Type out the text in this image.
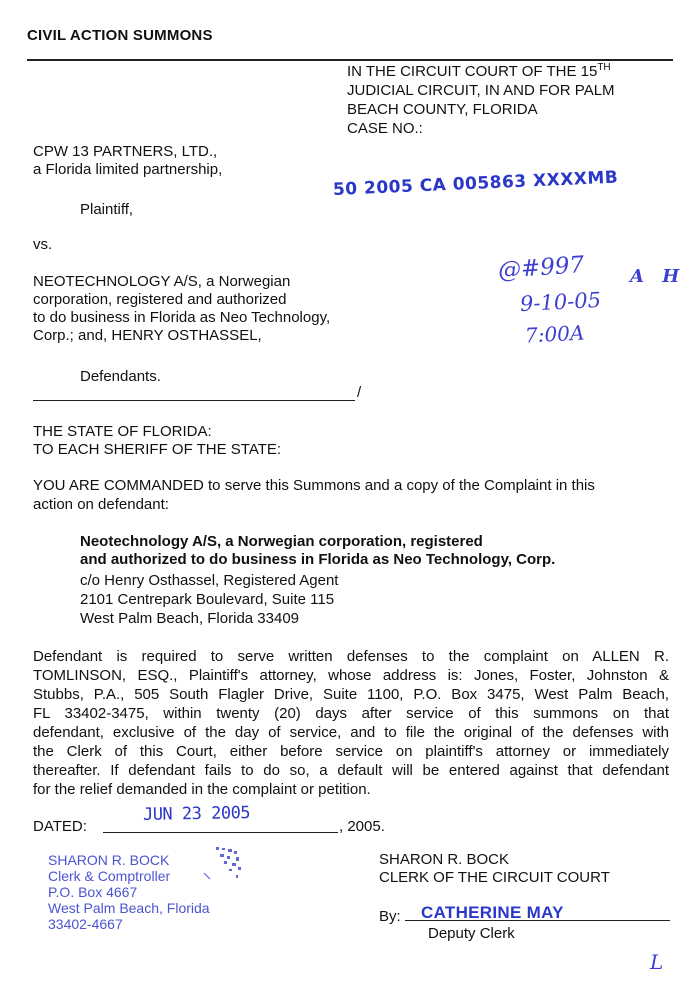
CIVIL ACTION SUMMONS
IN THE CIRCUIT COURT OF THE 15TH
JUDICIAL CIRCUIT, IN AND FOR PALM
BEACH COUNTY, FLORIDA
CASE NO.:
CPW 13 PARTNERS, LTD.,
a Florida limited partnership,
Plaintiff,
50 2005 CA 005863 XXXXMB
vs.
NEOTECHNOLOGY A/S, a Norwegian
corporation, registered and authorized
to do business in Florida as Neo Technology,
Corp.; and, HENRY OSTHASSEL,
Defendants.
/
@#997
9-10-05
7:00A
A H
THE STATE OF FLORIDA:
TO EACH SHERIFF OF THE STATE:
YOU ARE COMMANDED to serve this Summons and a copy of the Complaint in this
action on defendant:
Neotechnology A/S, a Norwegian corporation, registered
and authorized to do business in Florida as Neo Technology, Corp.
c/o Henry Osthassel, Registered Agent
2101 Centrepark Boulevard, Suite 115
West Palm Beach, Florida 33409
Defendant is required to serve written defenses to the complaint on ALLEN R.
TOMLINSON, ESQ., Plaintiff's attorney, whose address is: Jones, Foster, Johnston &
Stubbs, P.A., 505 South Flagler Drive, Suite 1100, P.O. Box 3475, West Palm Beach,
FL 33402-3475, within twenty (20) days after service of this summons on that
defendant, exclusive of the day of service, and to file the original of the defenses with
the Clerk of this Court, either before service on plaintiff's attorney or immediately
thereafter. If defendant fails to do so, a default will be entered against that defendant
for the relief demanded in the complaint or petition.
DATED:
JUN 23 2005
, 2005.
SHARON R. BOCK
Clerk & Comptroller
P.O. Box 4667
West Palm Beach, Florida
33402-4667
SHARON R. BOCK
CLERK OF THE CIRCUIT COURT
By: CATHERINE MAY
Deputy Clerk
L
